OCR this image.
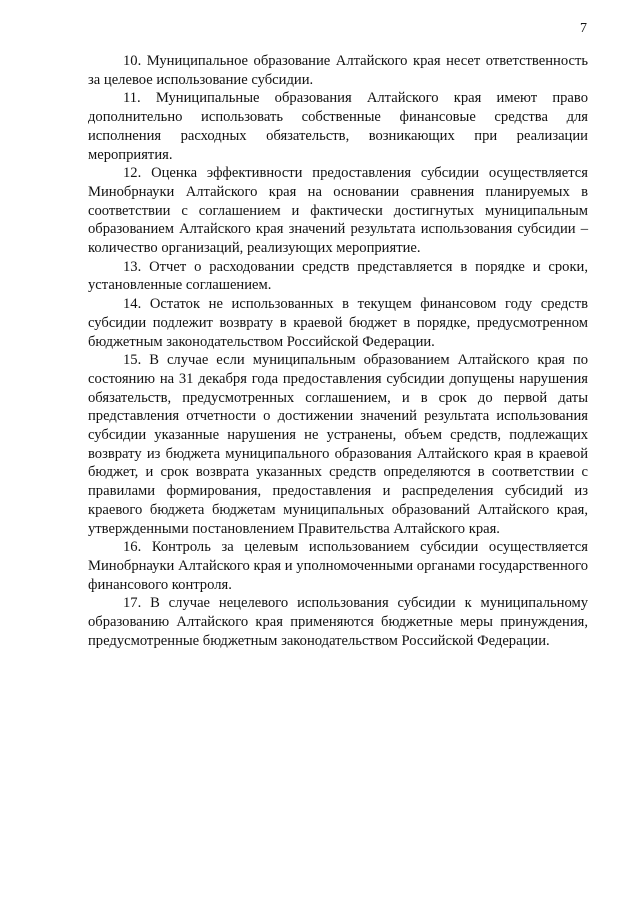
7

10. Муниципальное образование Алтайского края несет ответственность за целевое использование субсидии.

11. Муниципальные образования Алтайского края имеют право дополнительно использовать собственные финансовые средства для исполнения расходных обязательств, возникающих при реализации мероприятия.

12. Оценка эффективности предоставления субсидии осуществляется Минобрнауки Алтайского края на основании сравнения планируемых в соответствии с соглашением и фактически достигнутых муниципальным образованием Алтайского края значений результата использования субсидии – количество организаций, реализующих мероприятие.

13. Отчет о расходовании средств представляется в порядке и сроки, установленные соглашением.

14. Остаток не использованных в текущем финансовом году средств субсидии подлежит возврату в краевой бюджет в порядке, предусмотренном бюджетным законодательством Российской Федерации.

15. В случае если муниципальным образованием Алтайского края по состоянию на 31 декабря года предоставления субсидии допущены нарушения обязательств, предусмотренных соглашением, и в срок до первой даты представления отчетности о достижении значений результата использования субсидии указанные нарушения не устранены, объем средств, подлежащих возврату из бюджета муниципального образования Алтайского края в краевой бюджет, и срок возврата указанных средств определяются в соответствии с правилами формирования, предоставления и распределения субсидий из краевого бюджета бюджетам муниципальных образований Алтайского края, утвержденными постановлением Правительства Алтайского края.

16. Контроль за целевым использованием субсидии осуществляется Минобрнауки Алтайского края и уполномоченными органами государственного финансового контроля.

17. В случае нецелевого использования субсидии к муниципальному образованию Алтайского края применяются бюджетные меры принуждения, предусмотренные бюджетным законодательством Российской Федерации.
